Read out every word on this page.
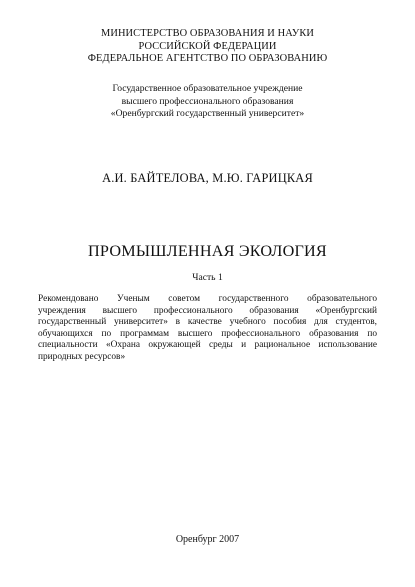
МИНИСТЕРСТВО ОБРАЗОВАНИЯ И НАУКИ
РОССИЙСКОЙ ФЕДЕРАЦИИ
ФЕДЕРАЛЬНОЕ АГЕНТСТВО ПО ОБРАЗОВАНИЮ
Государственное образовательное учреждение
высшего профессионального образования
«Оренбургский государственный университет»
А.И. БАЙТЕЛОВА, М.Ю. ГАРИЦКАЯ
ПРОМЫШЛЕННАЯ ЭКОЛОГИЯ
Часть 1
Рекомендовано Ученым советом государственного образовательного
учреждения высшего профессионального образования «Оренбургский
государственный университет» в качестве учебного пособия для студентов,
обучающихся по программам высшего профессионального образования по
специальности «Охрана окружающей среды и рациональное использование
природных ресурсов»
Оренбург 2007
